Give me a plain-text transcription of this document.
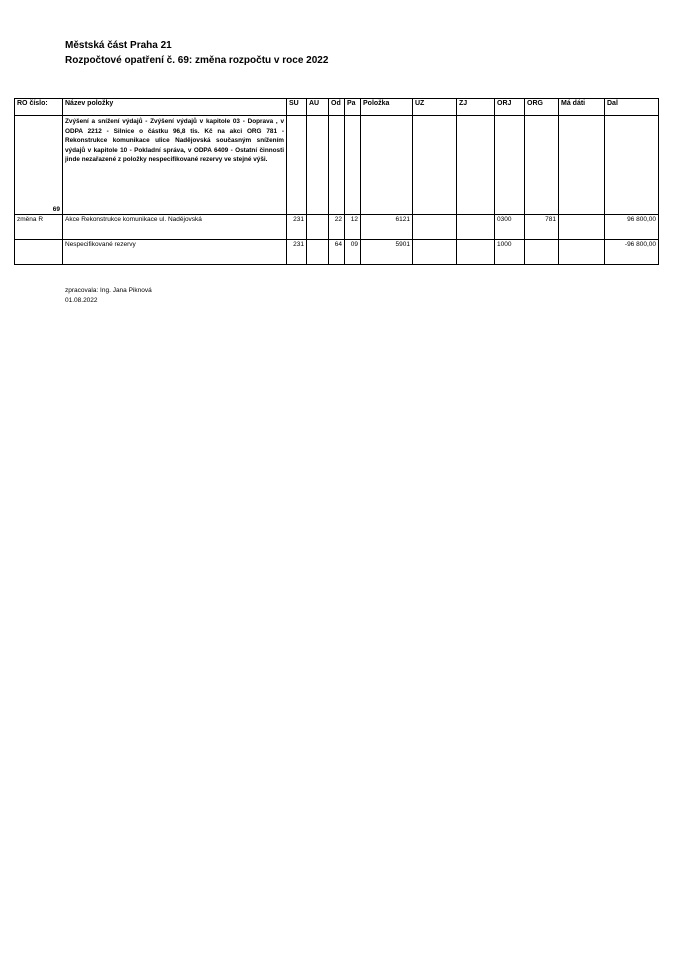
Městská část Praha 21
Rozpočtové opatření č. 69: změna rozpočtu v roce 2022
RO číslo:	Název položky	SU	AU	Od	Pa	Položka	UZ	ZJ	ORJ	ORG	Má dáti	Dal
69	Zvýšení a snížení výdajů - Zvýšení výdajů v kapitole 03 - Doprava , v ODPA 2212 - Silnice o částku 96,8 tis. Kč na akci ORG 781 - Rekonstrukce komunikace ulice Nadějovská současným snížením výdajů v kapitole 10 - Pokladní správa, v ODPA 6409 - Ostatní činnosti jinde nezařazené z položky nespecifikované rezervy ve stejné výši.											
změna R	Akce Rekonstrukce komunikace ul. Nadějovská	231		22	12	6121			0300	781		96 800,00
	Nespecifikované rezervy	231		64	09	5901			1000			-96 800,00
zpracovala: Ing. Jana Piknová
01.08.2022
